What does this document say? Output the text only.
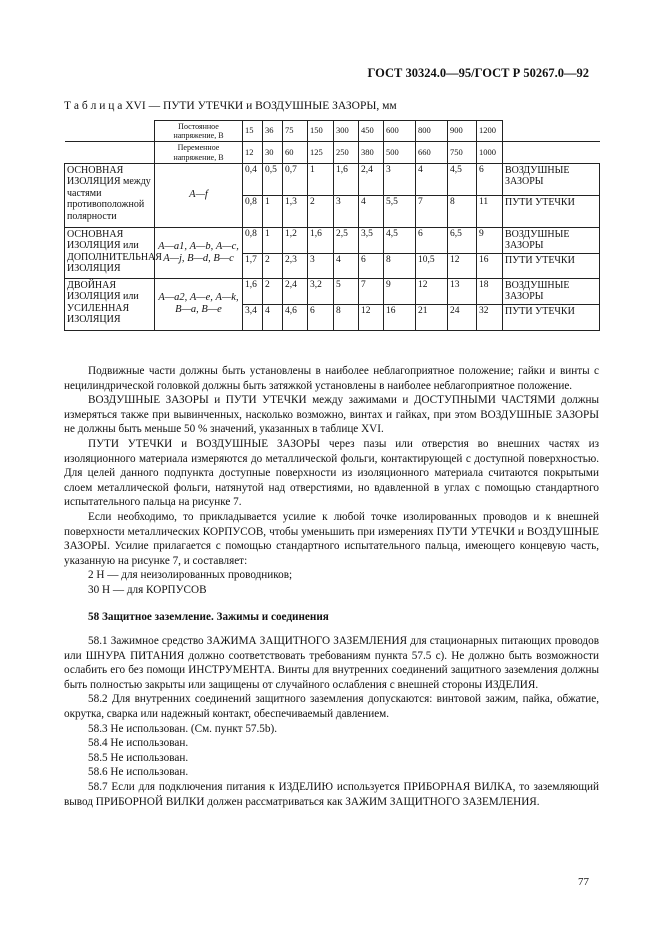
ГОСТ 30324.0—95/ГОСТ Р 50267.0—92
Т а б л и ц а XVI — ПУТИ УТЕЧКИ и ВОЗДУШНЫЕ ЗАЗОРЫ, мм
	Постоянное напряжение, В	15	36	75	150	300	450	600	800	900	1200	
	Переменное напряжение, В	12	30	60	125	250	380	500	660	750	1000	
ОСНОВНАЯ ИЗОЛЯЦИЯ между частями противоположной полярности	А—f	0,4	0,5	0,7	1	1,6	2,4	3	4	4,5	6	ВОЗДУШНЫЕ ЗАЗОРЫ
		0,8	1	1,3	2	3	4	5,5	7	8	11	ПУТИ УТЕЧКИ
ОСНОВНАЯ ИЗОЛЯЦИЯ или ДОПОЛНИТЕЛЬНАЯ ИЗОЛЯЦИЯ	А—а1, А—b, А—с, А—j, В—d, В—с	0,8	1	1,2	1,6	2,5	3,5	4,5	6	6,5	9	ВОЗДУШНЫЕ ЗАЗОРЫ
		1,7	2	2,3	3	4	6	8	10,5	12	16	ПУТИ УТЕЧКИ
ДВОЙНАЯ ИЗОЛЯЦИЯ или УСИЛЕННАЯ ИЗОЛЯЦИЯ	А—а2, А—е, А—k, В—а, В—е	1,6	2	2,4	3,2	5	7	9	12	13	18	ВОЗДУШНЫЕ ЗАЗОРЫ
		3,4	4	4,6	6	8	12	16	21	24	32	ПУТИ УТЕЧКИ

Подвижные части должны быть установлены в наиболее неблагоприятное положение; гайки и винты с нецилиндрической головкой должны быть затяжкой установлены в наиболее неблагоприятное положение.

ВОЗДУШНЫЕ ЗАЗОРЫ и ПУТИ УТЕЧКИ между зажимами и ДОСТУПНЫМИ ЧАСТЯМИ должны измеряться также при вывинченных, насколько возможно, винтах и гайках, при этом ВОЗДУШНЫЕ ЗАЗОРЫ не должны быть меньше 50 % значений, указанных в таблице XVI.

ПУТИ УТЕЧКИ и ВОЗДУШНЫЕ ЗАЗОРЫ через пазы или отверстия во внешних частях из изоляционного материала измеряются до металлической фольги, контактирующей с доступной поверхностью. Для целей данного подпункта доступные поверхности из изоляционного материала считаются покрытыми слоем металлической фольги, натянутой над отверстиями, но вдавленной в углах с помощью стандартного испытательного пальца на рисунке 7.

Если необходимо, то прикладывается усилие к любой точке изолированных проводов и к внешней поверхности металлических КОРПУСОВ, чтобы уменьшить при измерениях ПУТИ УТЕЧКИ и ВОЗДУШНЫЕ ЗАЗОРЫ. Усилие прилагается с помощью стандартного испытательного пальца, имеющего концевую часть, указанную на рисунке 7, и составляет:

2 Н — для неизолированных проводников;

30 Н — для КОРПУСОВ

58 Защитное заземление. Зажимы и соединения

58.1 Зажимное средство ЗАЖИМА ЗАЩИТНОГО ЗАЗЕМЛЕНИЯ для стационарных питающих проводов или ШНУРА ПИТАНИЯ должно соответствовать требованиям пункта 57.5 с). Не должно быть возможности ослабить его без помощи ИНСТРУМЕНТА. Винты для внутренних соединений защитного заземления должны быть полностью закрыты или защищены от случайного ослабления с внешней стороны ИЗДЕЛИЯ.

58.2 Для внутренних соединений защитного заземления допускаются: винтовой зажим, пайка, обжатие, окрутка, сварка или надежный контакт, обеспечиваемый давлением.

58.3 Не использован. (См. пункт 57.5b).

58.4 Не использован.

58.5 Не использован.

58.6 Не использован.

58.7 Если для подключения питания к ИЗДЕЛИЮ используется ПРИБОРНАЯ ВИЛКА, то заземляющий вывод ПРИБОРНОЙ ВИЛКИ должен рассматриваться как ЗАЖИМ ЗАЩИТНОГО ЗАЗЕМЛЕНИЯ.

77
